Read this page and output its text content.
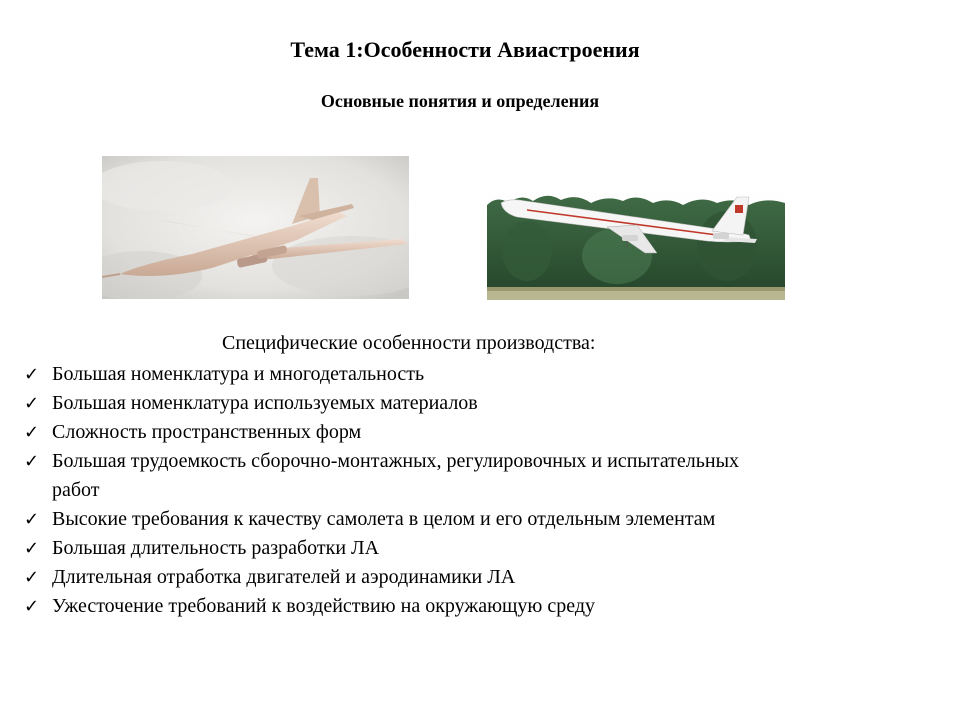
Тема 1:Особенности Авиастроения
Основные понятия и определения
Специфические особенности производства:
✓ Большая номенклатура и многодетальность
✓ Большая номенклатура используемых материалов
✓ Сложность пространственных форм
✓ Большая трудоемкость сборочно-монтажных, регулировочных и испытательных работ
✓ Высокие требования к качеству самолета в целом и его отдельным элементам
✓ Большая длительность разработки ЛА
✓ Длительная отработка двигателей и аэродинамики ЛА
✓ Ужесточение требований к воздействию на окружающую среду
